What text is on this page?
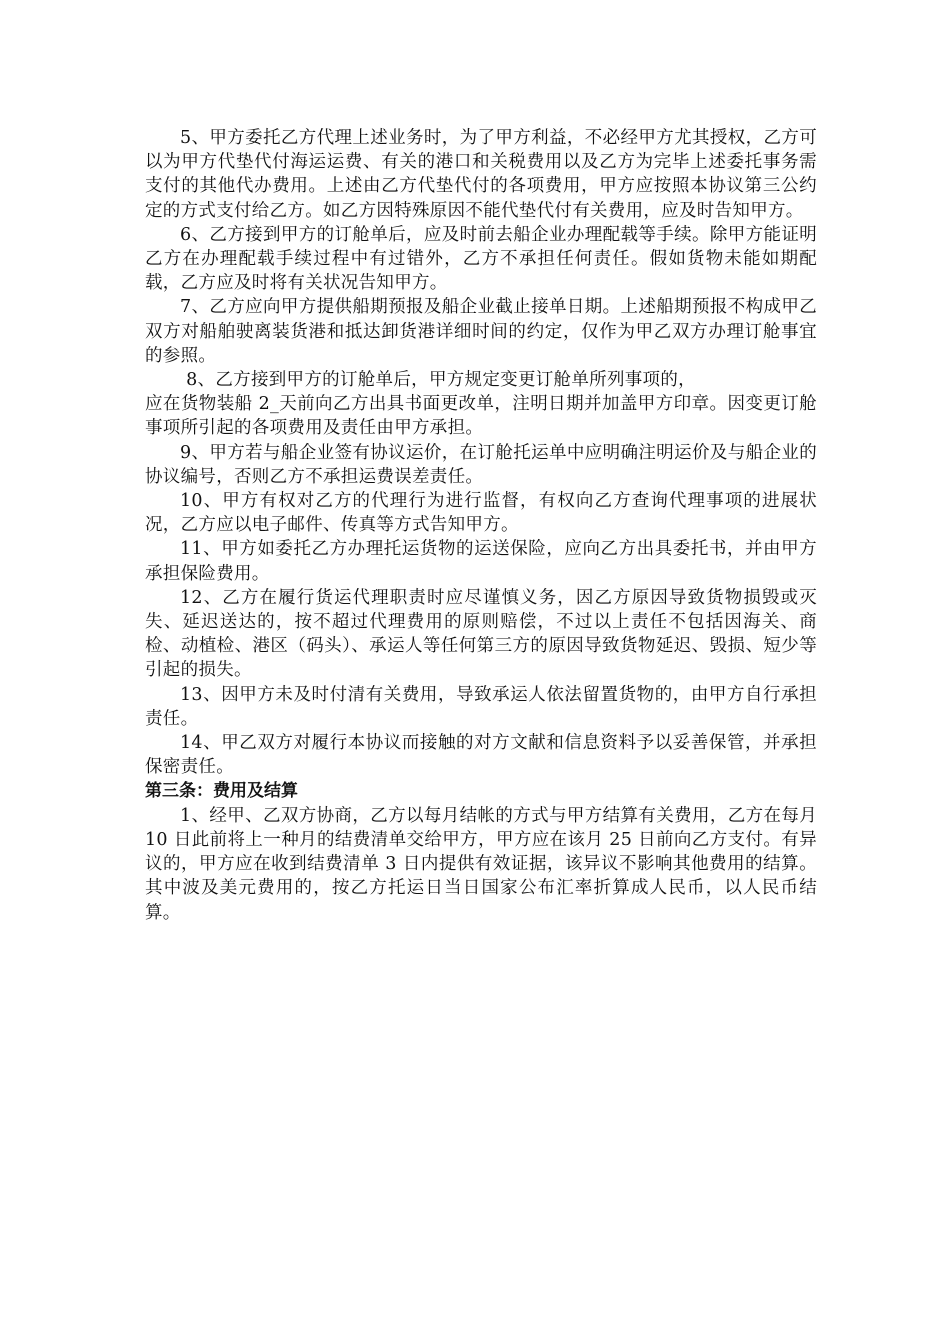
5、甲方委托乙方代理上述业务时，为了甲方利益，不必经甲方尤其授权，乙方可以为甲方代垫代付海运运费、有关的港口和关税费用以及乙方为完毕上述委托事务需支付的其他代办费用。上述由乙方代垫代付的各项费用，甲方应按照本协议第三公约定的方式支付给乙方。如乙方因特殊原因不能代垫代付有关费用，应及时告知甲方。

6、乙方接到甲方的订舱单后，应及时前去船企业办理配载等手续。除甲方能证明乙方在办理配载手续过程中有过错外，乙方不承担任何责任。假如货物未能如期配载，乙方应及时将有关状况告知甲方。

7、乙方应向甲方提供船期预报及船企业截止接单日期。上述船期预报不构成甲乙双方对船舶驶离装货港和抵达卸货港详细时间的约定，仅作为甲乙双方办理订舱事宜的参照。

8、乙方接到甲方的订舱单后，甲方规定变更订舱单所列事项的，

应在货物装船 2_天前向乙方出具书面更改单，注明日期并加盖甲方印章。因变更订舱事项所引起的各项费用及责任由甲方承担。

9、甲方若与船企业签有协议运价，在订舱托运单中应明确注明运价及与船企业的协议编号，否则乙方不承担运费误差责任。

10、甲方有权对乙方的代理行为进行监督，有权向乙方查询代理事项的进展状况，乙方应以电子邮件、传真等方式告知甲方。

11、甲方如委托乙方办理托运货物的运送保险，应向乙方出具委托书，并由甲方承担保险费用。

12、乙方在履行货运代理职责时应尽谨慎义务，因乙方原因导致货物损毁或灭失、延迟送达的，按不超过代理费用的原则赔偿，不过以上责任不包括因海关、商检、动植检、港区（码头）、承运人等任何第三方的原因导致货物延迟、毁损、短少等引起的损失。

13、因甲方未及时付清有关费用，导致承运人依法留置货物的，由甲方自行承担责任。

14、甲乙双方对履行本协议而接触的对方文献和信息资料予以妥善保管，并承担保密责任。

第三条：费用及结算

1、经甲、乙双方协商，乙方以每月结帐的方式与甲方结算有关费用，乙方在每月 10 日此前将上一种月的结费清单交给甲方，甲方应在该月 25 日前向乙方支付。有异议的，甲方应在收到结费清单 3 日内提供有效证据，该异议不影响其他费用的结算。其中波及美元费用的，按乙方托运日当日国家公布汇率折算成人民币，以人民币结算。
